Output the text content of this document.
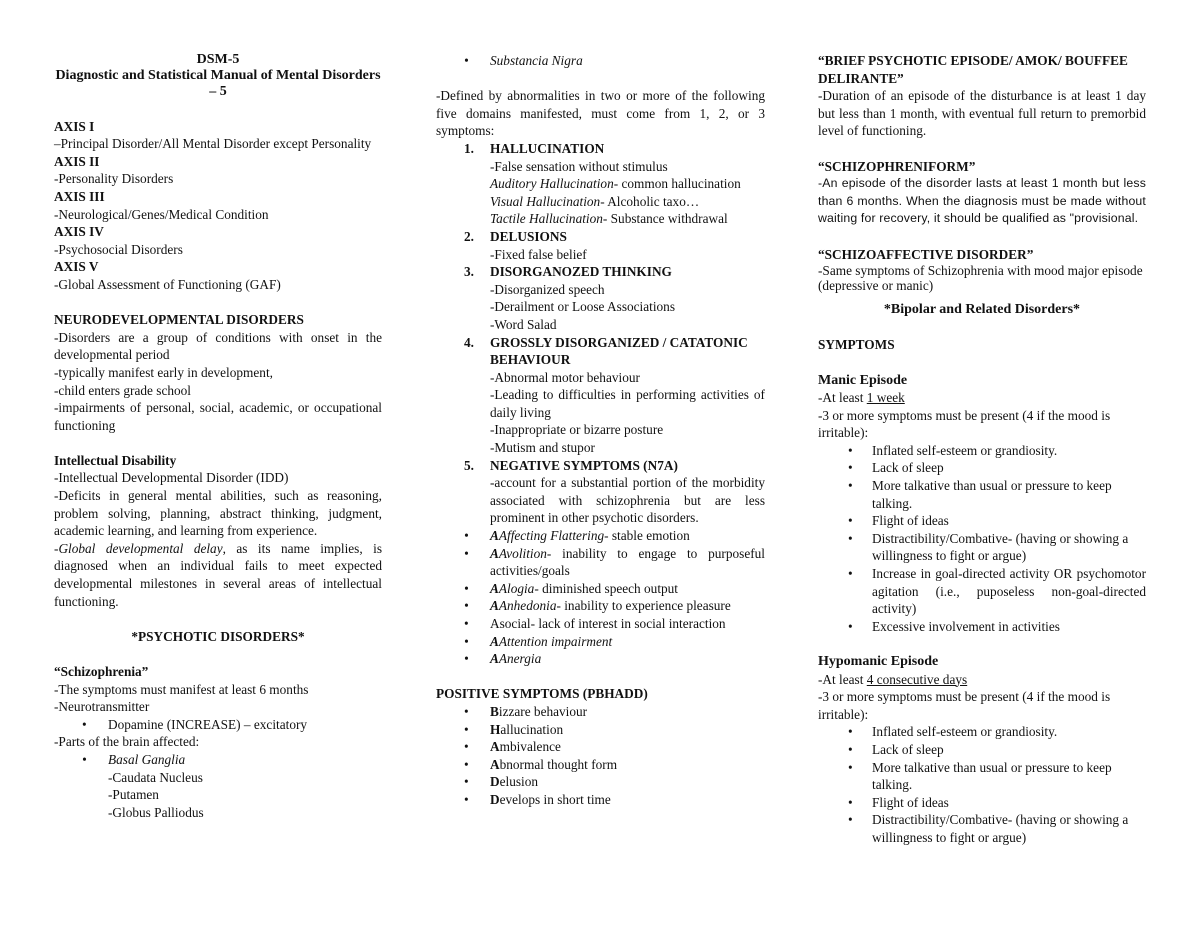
DSM-5
Diagnostic and Statistical Manual of Mental Disorders – 5

AXIS I

–Principal Disorder/All Mental Disorder except Personality

AXIS II

-Personality Disorders

AXIS III

-Neurological/Genes/Medical Condition

AXIS IV

-Psychosocial Disorders

AXIS V

-Global Assessment of Functioning (GAF)

NEURODEVELOPMENTAL DISORDERS

-Disorders are a group of conditions with onset in the developmental period

-typically manifest early in development,

-child enters grade school

-impairments of personal, social, academic, or occupational functioning

Intellectual Disability

-Intellectual Developmental Disorder (IDD)

-Deficits in general mental abilities, such as reasoning, problem solving, planning, abstract thinking, judgment, academic learning, and learning from experience.

-Global developmental delay, as its name implies, is diagnosed when an individual fails to meet expected developmental milestones in several areas of intellectual functioning.

*PSYCHOTIC DISORDERS*

“Schizophrenia”

-The symptoms must manifest at least 6 months

-Neurotransmitter

• Dopamine (INCREASE) – excitatory

-Parts of the brain affected:

• Basal Ganglia

-Caudata Nucleus

-Putamen

-Globus Palliodus

• Substancia Nigra

-Defined by abnormalities in two or more of the following five domains manifested, must come from 1, 2, or 3 symptoms:

1. HALLUCINATION

-False sensation without stimulus

Auditory Hallucination- common hallucination

Visual Hallucination- Alcoholic taxo…

Tactile Hallucination- Substance withdrawal

2. DELUSIONS

-Fixed false belief

3. DISORGANOZED THINKING

-Disorganized speech

-Derailment or Loose Associations

-Word Salad

4. GROSSLY DISORGANIZED / CATATONIC BEHAVIOUR

-Abnormal motor behaviour

-Leading to difficulties in performing activities of daily living

-Inappropriate or bizarre posture

-Mutism and stupor

5. NEGATIVE SYMPTOMS (N7A)

-account for a substantial portion of the morbidity associated with schizophrenia but are less prominent in other psychotic disorders.

• AAffecting Flattering- stable emotion
• AAvolition- inability to engage to purposeful activities/goals
• AAlogia- diminished speech output
• AAnhedonia- inability to experience pleasure
• Asocial- lack of interest in social interaction
• AAttention impairment
• AAnergia

POSITIVE SYMPTOMS (PBHADD)

• Bizzare behaviour
• Hallucination
• Ambivalence
• Abnormal thought form
• Delusion
• Develops in short time

“BRIEF PSYCHOTIC EPISODE/ AMOK/ BOUFFEE DELIRANTE”

-Duration of an episode of the disturbance is at least 1 day but less than 1 month, with eventual full return to premorbid level of functioning.

“SCHIZOPHRENIFORM”

-An episode of the disorder lasts at least 1 month but less than 6 months. When the diagnosis must be made without waiting for recovery, it should be qualified as "provisional.

“SCHIZOAFFECTIVE DISORDER”

-Same symptoms of Schizophrenia with mood major episode (depressive or manic)

*Bipolar and Related Disorders*

SYMPTOMS

Manic Episode

-At least 1 week

-3 or more symptoms must be present (4 if the mood is irritable):

• Inflated self-esteem or grandiosity.
• Lack of sleep
• More talkative than usual or pressure to keep talking.
• Flight of ideas
• Distractibility/Combative- (having or showing a willingness to fight or argue)
• Increase in goal-directed activity OR psychomotor agitation (i.e., puposeless non-goal-directed activity)
• Excessive involvement in activities

Hypomanic Episode

-At least 4 consecutive days

-3 or more symptoms must be present (4 if the mood is irritable):

• Inflated self-esteem or grandiosity.
• Lack of sleep
• More talkative than usual or pressure to keep talking.
• Flight of ideas
• Distractibility/Combative- (having or showing a willingness to fight or argue)
